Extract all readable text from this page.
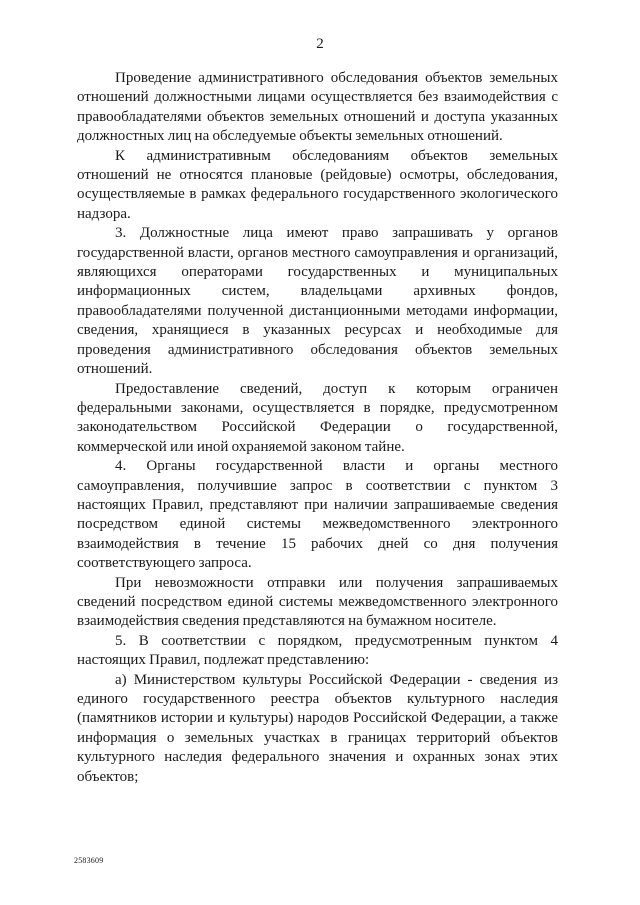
2

Проведение административного обследования объектов земельных отношений должностными лицами осуществляется без взаимодействия с правообладателями объектов земельных отношений и доступа указанных должностных лиц на обследуемые объекты земельных отношений.

К административным обследованиям объектов земельных отношений не относятся плановые (рейдовые) осмотры, обследования, осуществляемые в рамках федерального государственного экологического надзора.

3. Должностные лица имеют право запрашивать у органов государственной власти, органов местного самоуправления и организаций, являющихся операторами государственных и муниципальных информационных систем, владельцами архивных фондов, правообладателями полученной дистанционными методами информации, сведения, хранящиеся в указанных ресурсах и необходимые для проведения административного обследования объектов земельных отношений.

Предоставление сведений, доступ к которым ограничен федеральными законами, осуществляется в порядке, предусмотренном законодательством Российской Федерации о государственной, коммерческой или иной охраняемой законом тайне.

4. Органы государственной власти и органы местного самоуправления, получившие запрос в соответствии с пунктом 3 настоящих Правил, представляют при наличии запрашиваемые сведения посредством единой системы межведомственного электронного взаимодействия в течение 15 рабочих дней со дня получения соответствующего запроса.

При невозможности отправки или получения запрашиваемых сведений посредством единой системы межведомственного электронного взаимодействия сведения представляются на бумажном носителе.

5. В соответствии с порядком, предусмотренным пунктом 4 настоящих Правил, подлежат представлению:

а) Министерством культуры Российской Федерации - сведения из единого государственного реестра объектов культурного наследия (памятников истории и культуры) народов Российской Федерации, а также информация о земельных участках в границах территорий объектов культурного наследия федерального значения и охранных зонах этих объектов;

2583609
